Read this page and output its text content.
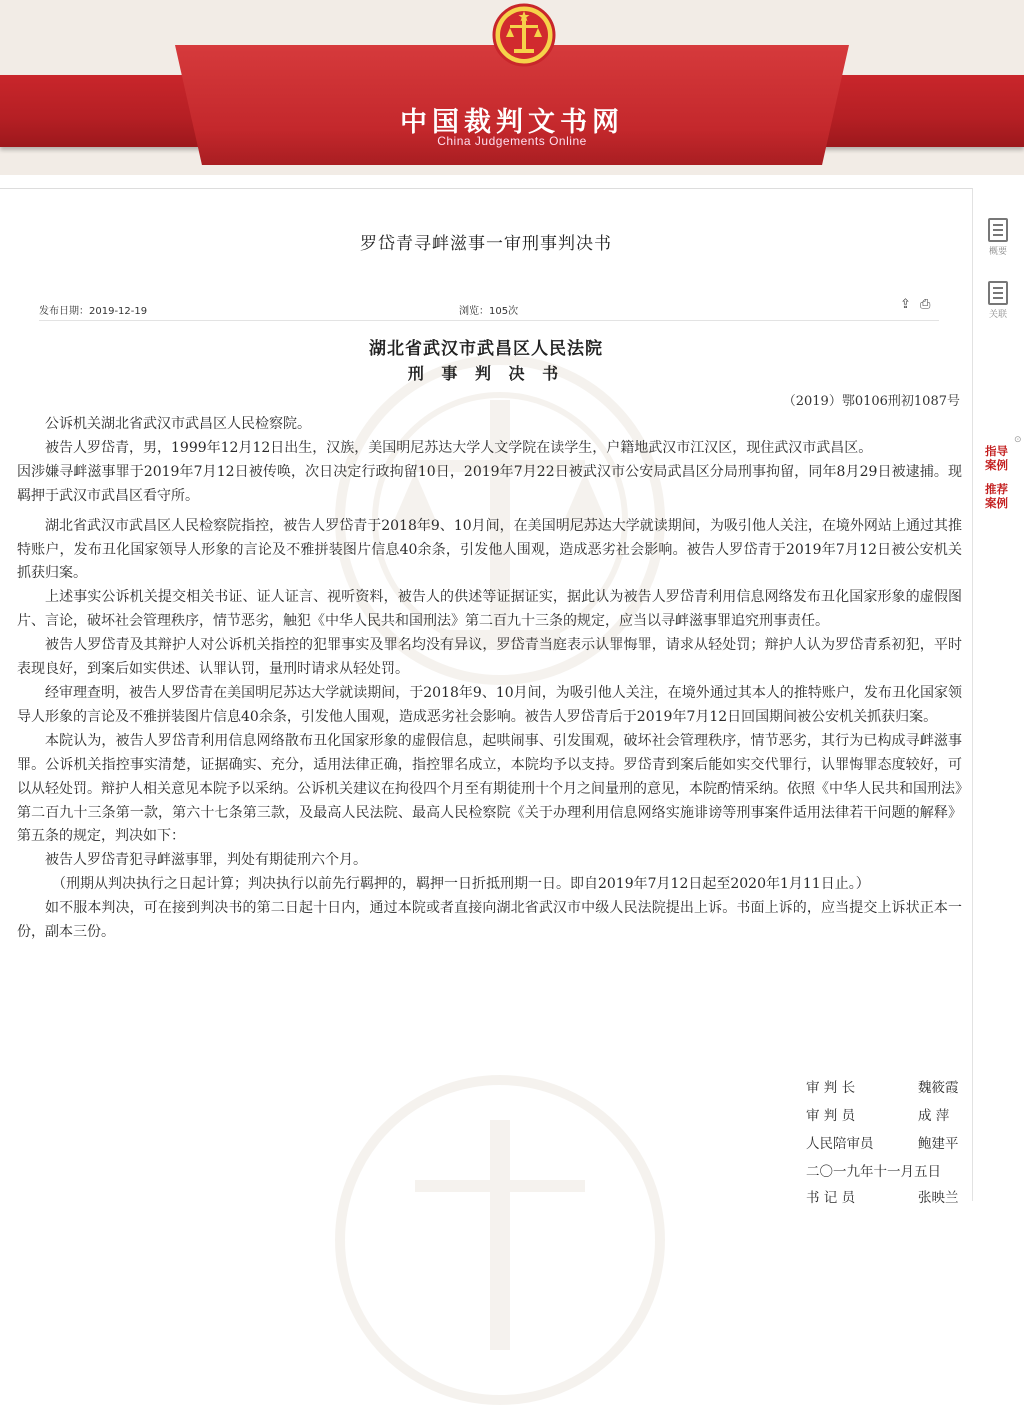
中国裁判文书网
China Judgements Online
罗岱青寻衅滋事一审刑事判决书
发布日期：2019-12-19	浏览：105次	⇪ ⎙
湖北省武汉市武昌区人民法院
刑 事 判 决 书
（2019）鄂0106刑初1087号

公诉机关湖北省武汉市武昌区人民检察院。

被告人罗岱青，男，1999年12月12日出生，汉族，美国明尼苏达大学人文学院在读学生，户籍地武汉市江汉区，现住武汉市武昌区。

因涉嫌寻衅滋事罪于2019年7月12日被传唤，次日决定行政拘留10日，2019年7月22日被武汉市公安局武昌区分局刑事拘留，同年8月29日被逮捕。现羁押于武汉市武昌区看守所。

湖北省武汉市武昌区人民检察院指控，被告人罗岱青于2018年9、10月间，在美国明尼苏达大学就读期间，为吸引他人关注，在境外网站上通过其推特账户，发布丑化国家领导人形象的言论及不雅拼装图片信息40余条，引发他人围观，造成恶劣社会影响。被告人罗岱青于2019年7月12日被公安机关抓获归案。

上述事实公诉机关提交相关书证、证人证言、视听资料，被告人的供述等证据证实，据此认为被告人罗岱青利用信息网络发布丑化国家形象的虚假图片、言论，破坏社会管理秩序，情节恶劣，触犯《中华人民共和国刑法》第二百九十三条的规定，应当以寻衅滋事罪追究刑事责任。

被告人罗岱青及其辩护人对公诉机关指控的犯罪事实及罪名均没有异议，罗岱青当庭表示认罪悔罪，请求从轻处罚；辩护人认为罗岱青系初犯，平时表现良好，到案后如实供述、认罪认罚，量刑时请求从轻处罚。

经审理查明，被告人罗岱青在美国明尼苏达大学就读期间，于2018年9、10月间，为吸引他人关注，在境外通过其本人的推特账户，发布丑化国家领导人形象的言论及不雅拼装图片信息40余条，引发他人围观，造成恶劣社会影响。被告人罗岱青后于2019年7月12日回国期间被公安机关抓获归案。

本院认为，被告人罗岱青利用信息网络散布丑化国家形象的虚假信息，起哄闹事、引发围观，破坏社会管理秩序，情节恶劣，其行为已构成寻衅滋事罪。公诉机关指控事实清楚，证据确实、充分，适用法律正确，指控罪名成立，本院均予以支持。罗岱青到案后能如实交代罪行，认罪悔罪态度较好，可以从轻处罚。辩护人相关意见本院予以采纳。公诉机关建议在拘役四个月至有期徒刑十个月之间量刑的意见，本院酌情采纳。依照《中华人民共和国刑法》第二百九十三条第一款，第六十七条第三款，及最高人民法院、最高人民检察院《关于办理利用信息网络实施诽谤等刑事案件适用法律若干问题的解释》第五条的规定，判决如下：

被告人罗岱青犯寻衅滋事罪，判处有期徒刑六个月。

（刑期从判决执行之日起计算；判决执行以前先行羁押的，羁押一日折抵刑期一日。即自2019年7月12日起至2020年1月11日止。）

如不服本判决，可在接到判决书的第二日起十日内，通过本院或者直接向湖北省武汉市中级人民法院提出上诉。书面上诉的，应当提交上诉状正本一份，副本三份。

审 判 长	魏筱霞
审 判 员	成 萍
人民陪审员	鲍建平
二〇一九年十一月五日
书 记 员	张映兰
概要
关联
⊙
指导案例
推荐案例
